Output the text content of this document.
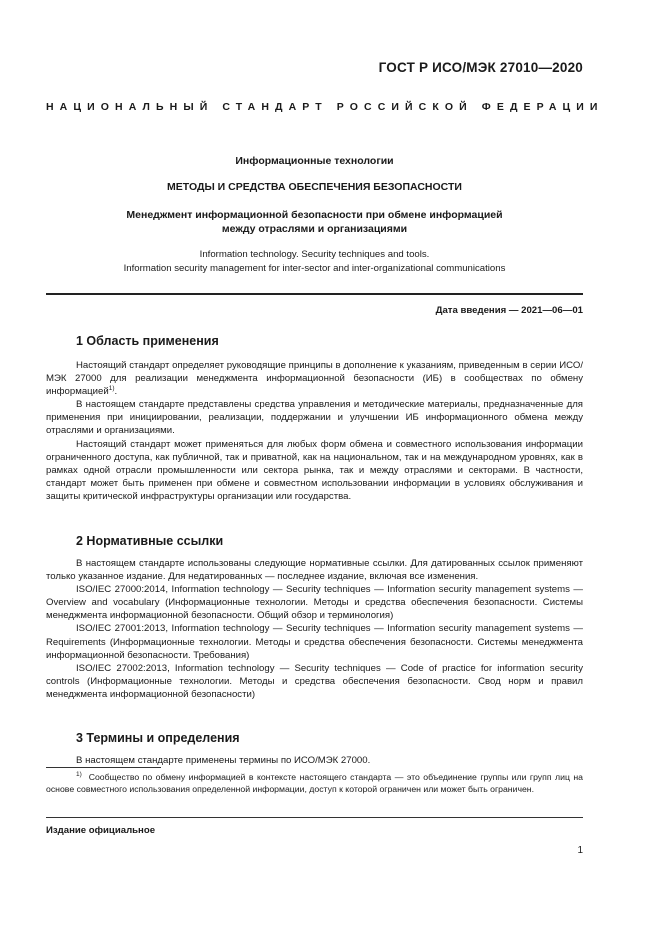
ГОСТ Р ИСО/МЭК 27010—2020
НАЦИОНАЛЬНЫЙ СТАНДАРТ РОССИЙСКОЙ ФЕДЕРАЦИИ
Информационные технологии
МЕТОДЫ И СРЕДСТВА ОБЕСПЕЧЕНИЯ БЕЗОПАСНОСТИ
Менеджмент информационной безопасности при обмене информацией
между отраслями и организациями
Information technology. Security techniques and tools.
Information security management for inter-sector and inter-organizational communications
Дата введения — 2021—06—01
1 Область применения

Настоящий стандарт определяет руководящие принципы в дополнение к указаниям, приведенным в серии ИСО/МЭК 27000 для реализации менеджмента информационной безопасности (ИБ) в сообществах по обмену информацией$^{1)}$.

В настоящем стандарте представлены средства управления и методические материалы, предназначенные для применения при инициировании, реализации, поддержании и улучшении ИБ информационного обмена между отраслями и организациями.

Настоящий стандарт может применяться для любых форм обмена и совместного использования информации ограниченного доступа, как публичной, так и приватной, как на национальном, так и на международном уровнях, как в рамках одной отрасли промышленности или сектора рынка, так и между отраслями и секторами. В частности, стандарт может быть применен при обмене и совместном использовании информации в условиях обслуживания и защиты критической инфраструктуры организации или государства.

2 Нормативные ссылки

В настоящем стандарте использованы следующие нормативные ссылки. Для датированных ссылок применяют только указанное издание. Для недатированных — последнее издание, включая все изменения.

ISO/IEC 27000:2014, Information technology — Security techniques — Information security management systems — Overview and vocabulary (Информационные технологии. Методы и средства обеспечения безопасности. Системы менеджмента информационной безопасности. Общий обзор и терминология)

ISO/IEC 27001:2013, Information technology — Security techniques — Information security management systems — Requirements (Информационные технологии. Методы и средства обеспечения безопасности. Системы менеджмента информационной безопасности. Требования)

ISO/IEC 27002:2013, Information technology — Security techniques — Code of practice for information security controls (Информационные технологии. Методы и средства обеспечения безопасности. Свод норм и правил менеджмента информационной безопасности)

3 Термины и определения

В настоящем стандарте применены термины по ИСО/МЭК 27000.

$^{1)}$ Сообщество по обмену информацией в контексте настоящего стандарта — это объединение группы или групп лиц на основе совместного использования определенной информации, доступ к которой ограничен или может быть ограничен.

Издание официальное
1
